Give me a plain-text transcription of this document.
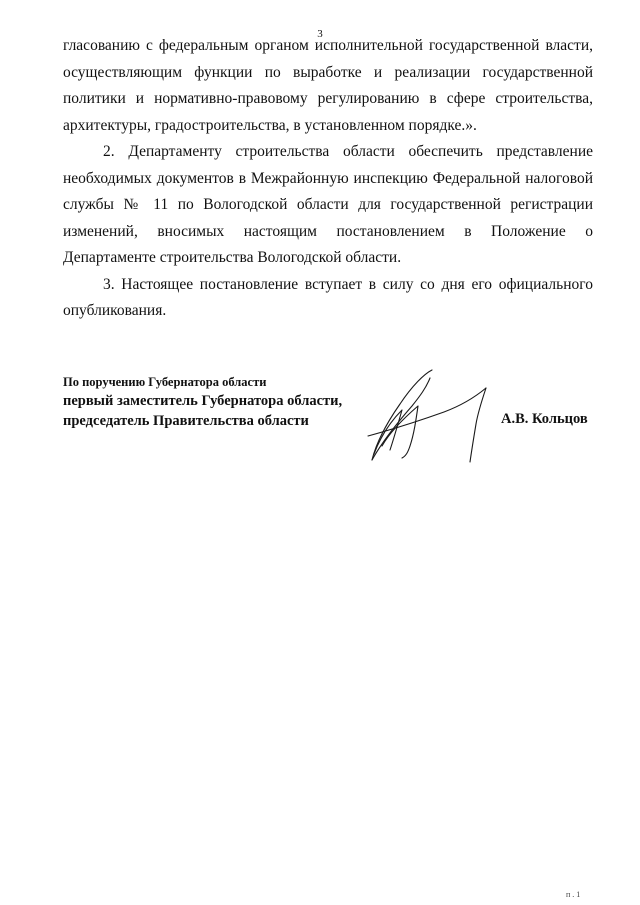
3

гласованию с федеральным органом исполнительной государственной власти, осуществляющим функции по выработке и реализации государственной политики и нормативно-правовому регулированию в сфере строительства, архитектуры, градостроительства, в установленном порядке.».

2. Департаменту строительства области обеспечить представление необходимых документов в Межрайонную инспекцию Федеральной налоговой службы № 11 по Вологодской области для государственной регистрации изменений, вносимых настоящим постановлением в Положение о Департаменте строительства Вологодской области.

3. Настоящее постановление вступает в силу со дня его официального опубликования.

По поручению Губернатора области
первый заместитель Губернатора области,
председатель Правительства области	А.В. Кольцов
п.1
